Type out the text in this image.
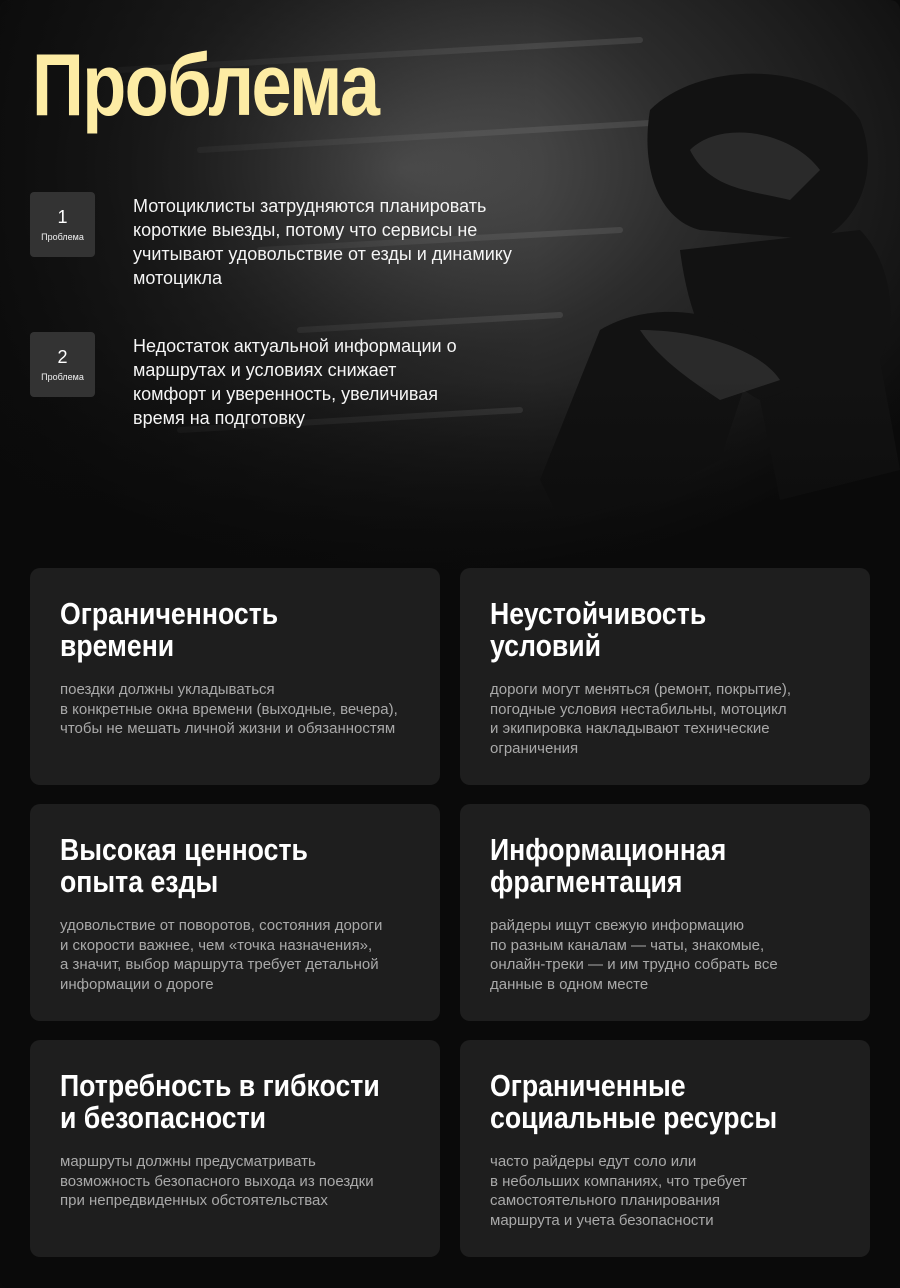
Проблема
1
Проблема
Мотоциклисты затрудняются планировать короткие выезды, потому что сервисы не учитывают удовольствие от езды и динамику мотоцикла
2
Проблема
Недостаток актуальной информации о маршрутах и условиях снижает комфорт и уверенность, увеличивая время на подготовку
Ограниченность
времени
поездки должны укладываться
в конкретные окна времени (выходные, вечера),
чтобы не мешать личной жизни и обязанностям
Неустойчивость
условий
дороги могут меняться (ремонт, покрытие),
погодные условия нестабильны, мотоцикл
и экипировка накладывают технические
ограничения
Высокая ценность
опыта езды
удовольствие от поворотов, состояния дороги
и скорости важнее, чем «точка назначения»,
а значит, выбор маршрута требует детальной
информации о дороге
Информационная
фрагментация
райдеры ищут свежую информацию
по разным каналам — чаты, знакомые,
онлайн-треки — и им трудно собрать все
данные в одном месте
Потребность в гибкости
и безопасности
маршруты должны предусматривать
возможность безопасного выхода из поездки
при непредвиденных обстоятельствах
Ограниченные
социальные ресурсы
часто райдеры едут соло или
в небольших компаниях, что требует
самостоятельного планирования
маршрута и учета безопасности
